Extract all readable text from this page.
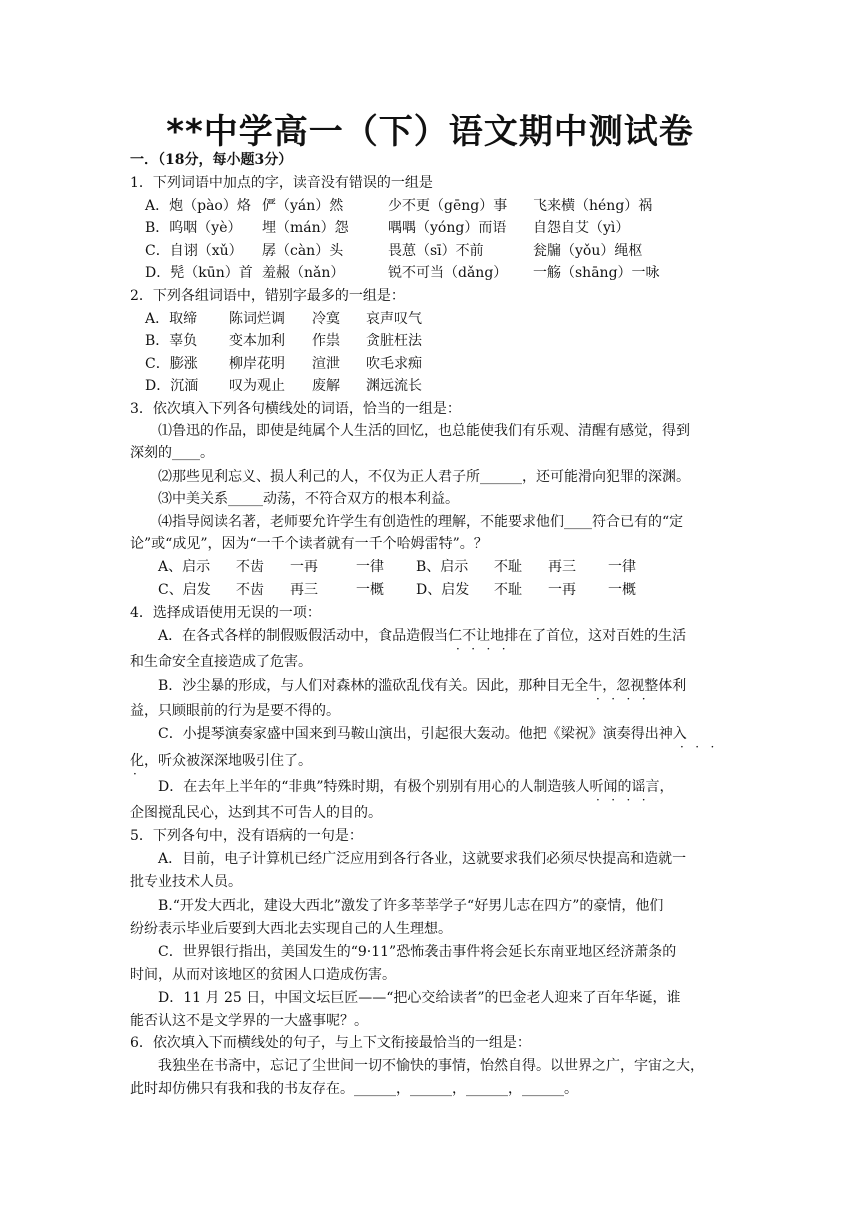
**中学高一（下）语文期中测试卷
一．（18分，每小题3分）
1．下列词语中加点的字，读音没有错误的一组是
A．炮（pào）烙 俨（yán）然	少不更（gēng）事 飞来横（héng）祸
B．呜咽（yè） 埋（mán）怨	喁喁（yóng）而语 自怨自艾（yì）
C．自诩（xǔ） 孱（càn）头	畏葸（sī）不前	瓮牖（yǒu）绳枢
D．髡（kūn）首 羞赧（nǎn）	锐不可当（dǎng） 一觞（shāng）一咏
2．下列各组词语中，错别字最多的一组是：
A．取缔 陈词烂调 冷寞 哀声叹气
B．辜负 变本加利 作祟 贪脏枉法
C．膨涨 柳岸花明 渲泄 吹毛求痴
D．沉湎 叹为观止 废解 渊远流长
3．依次填入下列各句横线处的词语，恰当的一组是：
⑴鲁迅的作品，即使是纯属个人生活的回忆，也总能使我们有乐观、清醒有感觉，得到
深刻的____。
⑵那些见利忘义、损人利己的人，不仅为正人君子所______，还可能滑向犯罪的深渊。
⑶中美关系_____动荡，不符合双方的根本利益。
⑷指导阅读名著，老师要允许学生有创造性的理解，不能要求他们____符合已有的“定
论”或“成见”，因为“一千个读者就有一千个哈姆雷特”。？
A、启示 不齿 一再	一律 B、启示 不耻 再三 一律
C、启发 不齿 再三	一概 D、启发 不耻 一再 一概
4．选择成语使用无误的一项：
A．在各式各样的制假贩假活动中，食品造假当仁不让地排在了首位，这对百姓的生活
·   ·   ·   ·
和生命安全直接造成了危害。
B．沙尘暴的形成，与人们对森林的滥砍乱伐有关。因此，那种目无全牛，忽视整体利
·   ·   ·   ·
益，只顾眼前的行为是要不得的。
C．小提琴演奏家盛中国来到马鞍山演出，引起很大轰动。他把《梁祝》演奏得出神入
·   ·   ·
化，听众被深深地吸引住了。
·
D．在去年上半年的“非典”特殊时期，有极个别别有用心的人制造骇人听闻的谣言，
·   ·   ·   ·
企图搅乱民心，达到其不可告人的目的。
5．下列各句中，没有语病的一句是：
A．目前，电子计算机已经广泛应用到各行各业，这就要求我们必须尽快提高和造就一
批专业技术人员。
B.“开发大西北，建设大西北”激发了许多莘莘学子“好男儿志在四方”的豪情，他们
纷纷表示毕业后要到大西北去实现自己的人生理想。
C．世界银行指出，美国发生的“9·11”恐怖袭击事件将会延长东南亚地区经济萧条的
时间，从而对该地区的贫困人口造成伤害。
D．11 月 25 日，中国文坛巨匠——“把心交给读者”的巴金老人迎来了百年华诞，谁
能否认这不是文学界的一大盛事呢？。
6．依次填入下而横线处的句子，与上下文衔接最恰当的一组是：
我独坐在书斋中，忘记了尘世间一切不愉快的事情，怡然自得。以世界之广，宇宙之大，
此时却仿佛只有我和我的书友存在。______，______，______，______。
